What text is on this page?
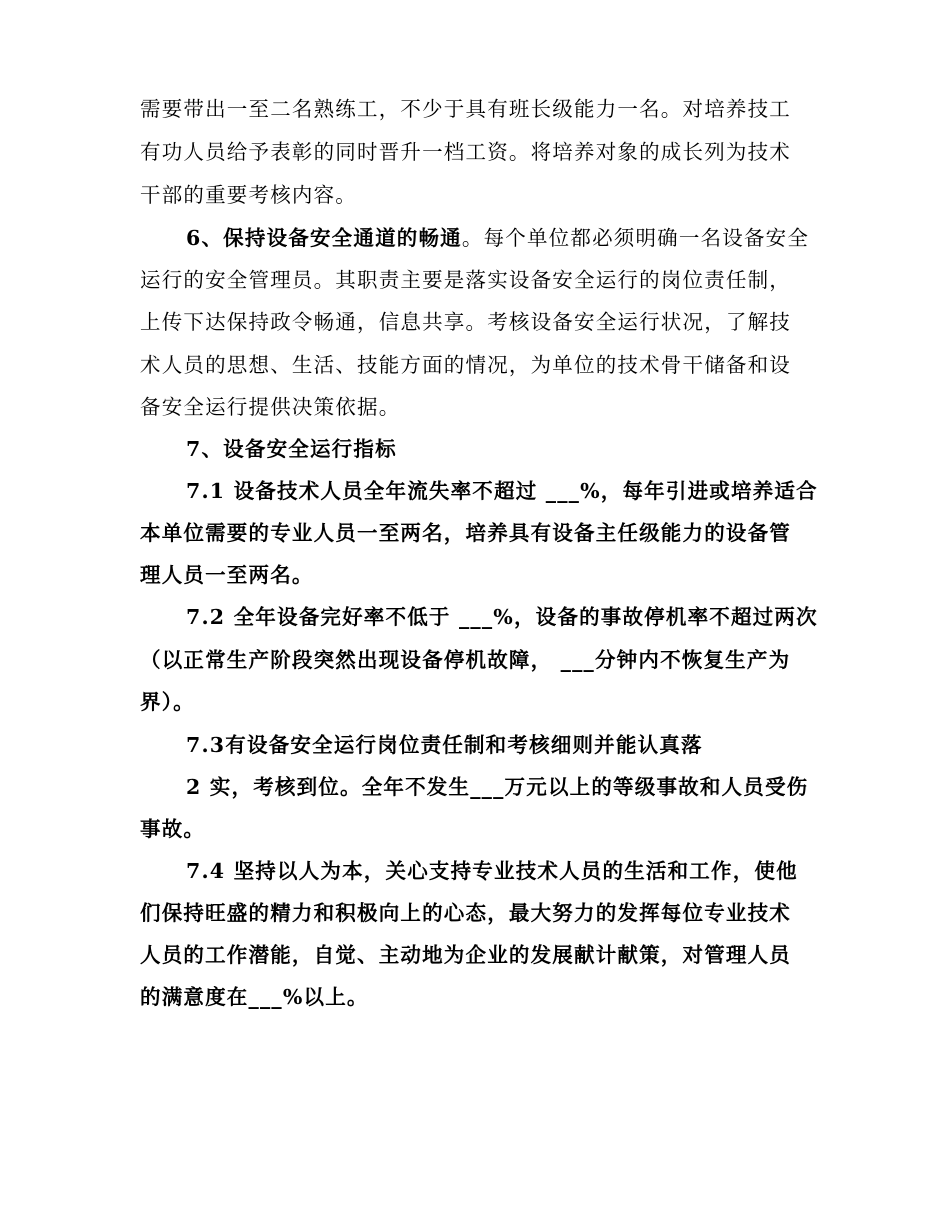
需要带出一至二名熟练工，不少于具有班长级能力一名。对培养技工
有功人员给予表彰的同时晋升一档工资。将培养对象的成长列为技术
干部的重要考核内容。
6、保持设备安全通道的畅通。每个单位都必须明确一名设备安全
运行的安全管理员。其职责主要是落实设备安全运行的岗位责任制，
上传下达保持政令畅通，信息共享。考核设备安全运行状况，了解技
术人员的思想、生活、技能方面的情况，为单位的技术骨干储备和设
备安全运行提供决策依据。
7、设备安全运行指标
7.1 设备技术人员全年流失率不超过 ___%，每年引进或培养适合
本单位需要的专业人员一至两名，培养具有设备主任级能力的设备管
理人员一至两名。
7.2 全年设备完好率不低于 ___%，设备的事故停机率不超过两次
（以正常生产阶段突然出现设备停机故障， ___分钟内不恢复生产为
界）。
7.3有设备安全运行岗位责任制和考核细则并能认真落
2 实，考核到位。全年不发生___万元以上的等级事故和人员受伤
事故。
7.4 坚持以人为本，关心支持专业技术人员的生活和工作，使他
们保持旺盛的精力和积极向上的心态，最大努力的发挥每位专业技术
人员的工作潜能，自觉、主动地为企业的发展献计献策，对管理人员
的满意度在___%以上。
